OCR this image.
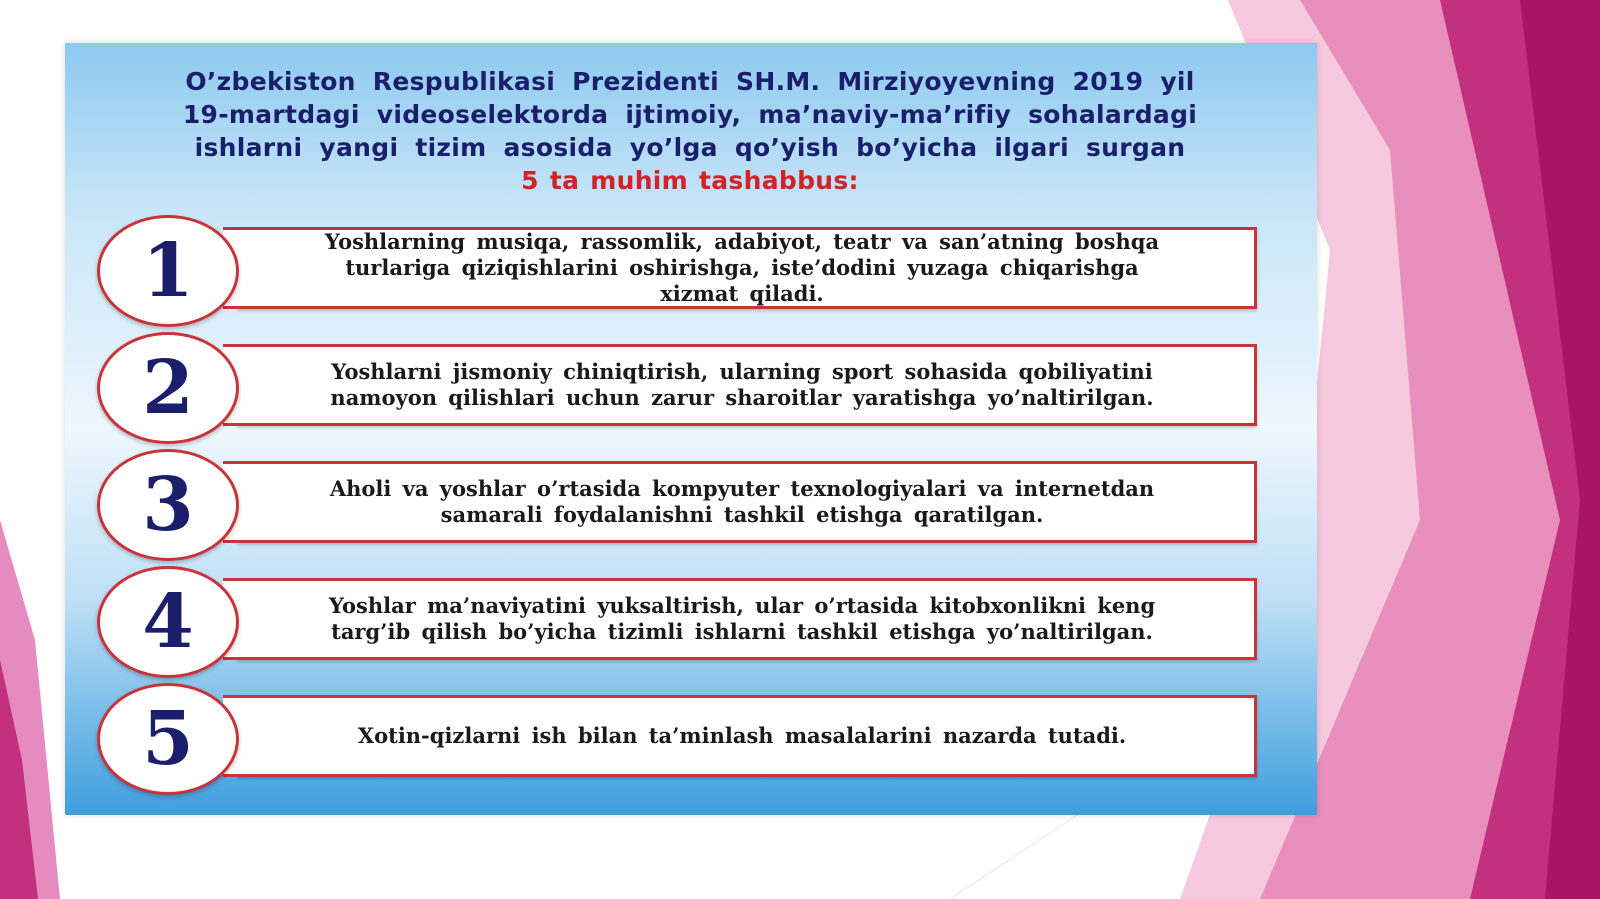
O’zbekiston Respublikasi Prezidenti SH.M. Mirziyoyevning 2019 yil
19-martdagi videoselektorda ijtimoiy, ma’naviy-ma’rifiy sohalardagi
ishlarni yangi tizim asosida yo’lga qo’yish bo’yicha ilgari surgan
5 ta muhim tashabbus:
1	Yoshlarning musiqa, rassomlik, adabiyot, teatr va san’atning boshqa turlariga qiziqishlarini oshirishga, iste’dodini yuzaga chiqarishga xizmat qiladi.

2	Yoshlarni jismoniy chiniqtirish, ularning sport sohasida qobiliyatini namoyon qilishlari uchun zarur sharoitlar yaratishga yo’naltirilgan.

3	Aholi va yoshlar o’rtasida kompyuter texnologiyalari va internetdan samarali foydalanishni tashkil etishga qaratilgan.

4	Yoshlar ma’naviyatini yuksaltirish, ular o’rtasida kitobxonlikni keng targ’ib qilish bo’yicha tizimli ishlarni tashkil etishga yo’naltirilgan.

5	Xotin-qizlarni ish bilan ta’minlash masalalarini nazarda tutadi.
